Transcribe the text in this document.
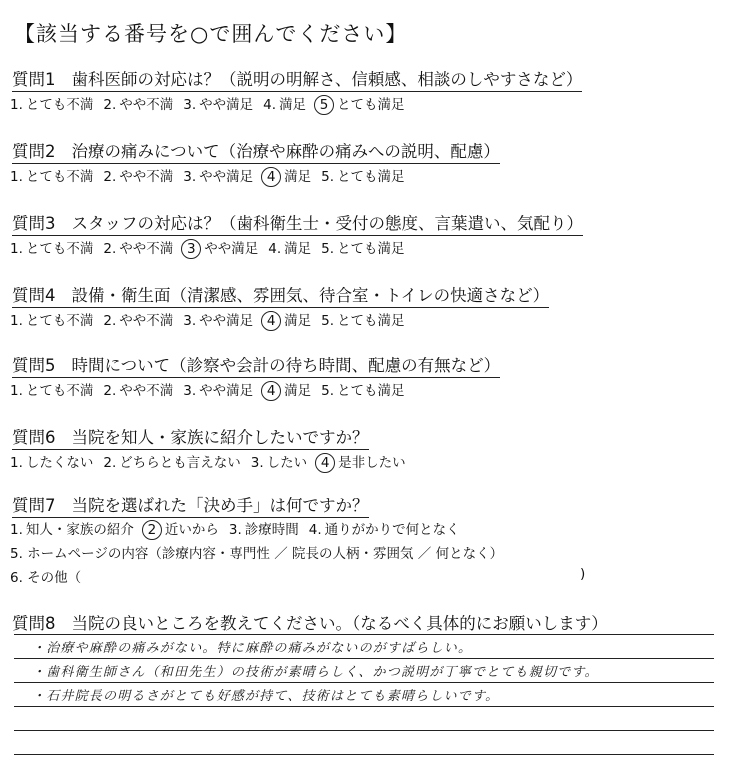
【該当する番号を○で囲んでください】
質問1 歯科医師の対応は？（説明の明解さ、信頼感、相談のしやすさなど）
1 . とても不満 2 . やや不満 3 . やや満足 4 . 満足 5 とても満足
質問2 治療の痛みについて（治療や麻酔の痛みへの説明、配慮）
1 . とても不満 2 . やや不満 3 . やや満足 4 満足 5 . とても満足
質問3 スタッフの対応は？（歯科衛生士・受付の態度、言葉遣い、気配り）
1 . とても不満 2 . やや不満 3 やや満足 4 . 満足 5 . とても満足
質問4 設備・衛生面（清潔感、雰囲気、待合室・トイレの快適さなど）
1 . とても不満 2 . やや不満 3 . やや満足 4 満足 5 . とても満足
質問5 時間について（診察や会計の待ち時間、配慮の有無など）
1 . とても不満 2 . やや不満 3 . やや満足 4 満足 5 . とても満足
質問6 当院を知人・家族に紹介したいですか？
1 . したくない 2 . どちらとも言えない 3 . したい 4 是非したい
質問7 当院を選ばれた「決め手」は何ですか？
1 . 知人・家族の紹介 2 近いから 3 . 診療時間 4 . 通りがかりで何となく
5. ホームページの内容（診療内容・専門性 ／ 院長の人柄・雰囲気 ／ 何となく）
6. その他（	)
質問8 当院の良いところを教えてください。（なるべく具体的にお願いします）
・治療や麻酔の痛みがない。特に麻酔の痛みがないのがすばらしい。
・歯科衛生師さん（和田先生）の技術が素晴らしく、かつ説明が丁寧でとても親切です。
・石井院長の明るさがとても好感が持て、技術はとても素晴らしいです。
